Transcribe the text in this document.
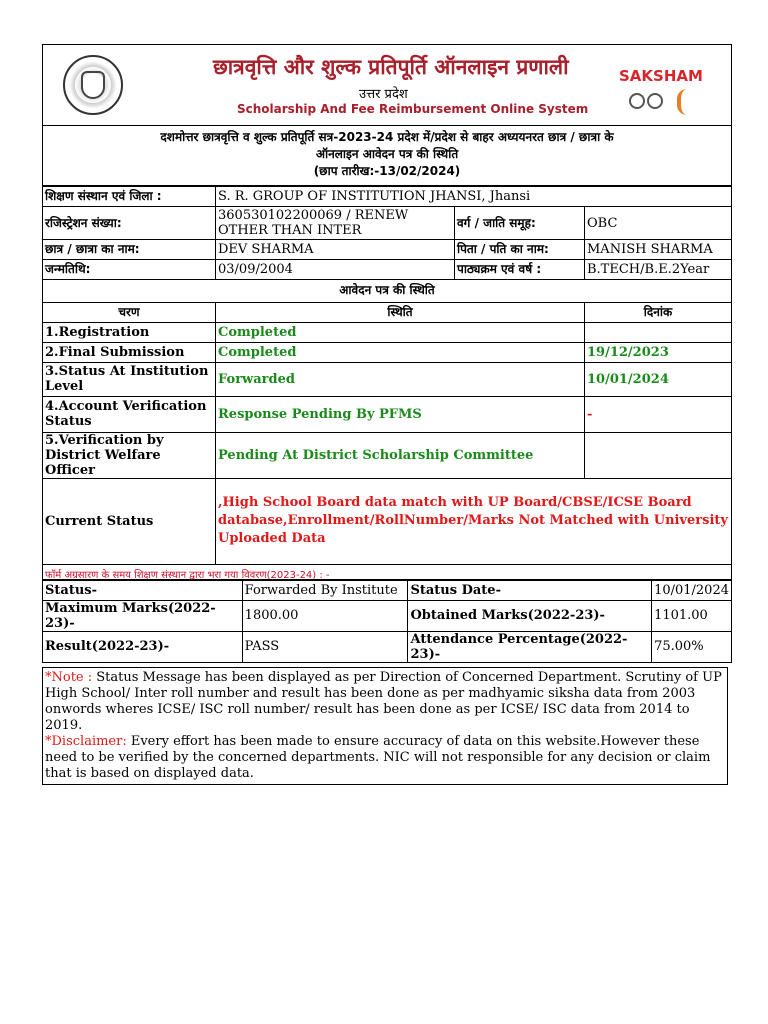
छात्रवृत्ति और शुल्क प्रतिपूर्ति ऑनलाइन प्रणाली
उत्तर प्रदेश
Scholarship And Fee Reimbursement Online System
SAKSHAM
दशमोत्तर छात्रवृत्ति व शुल्क प्रतिपूर्ति सत्र-2023-24 प्रदेश में/प्रदेश से बाहर अध्ययनरत छात्र / छात्रा के
ऑनलाइन आवेदन पत्र की स्थिति
(छाप तारीख:-13/02/2024)
शिक्षण संस्थान एवं जिला :	S. R. GROUP OF INSTITUTION JHANSI, Jhansi		
रजिस्ट्रेशन संख्या:	360530102200069 / RENEW OTHER THAN INTER	वर्ग / जाति समूह:	OBC
छात्र / छात्रा का नाम:	DEV SHARMA	पिता / पति का नाम:	MANISH SHARMA
जन्मतिथि:	03/09/2004	पाठ्यक्रम एवं वर्ष :	B.TECH/B.E.2Year
आवेदन पत्र की स्थिति		
चरण	स्थिति	दिनांक
1.Registration	Completed	
2.Final Submission	Completed	19/12/2023
3.Status At Institution Level	Forwarded	10/01/2024
4.Account Verification Status	Response Pending By PFMS	-
5.Verification by District Welfare Officer	Pending At District Scholarship Committee	
Current Status	,High School Board data match with UP Board/CBSE/ICSE Board database,Enrollment/RollNumber/Marks Not Matched with University Uploaded Data	
फॉर्म अग्रसारण के समय शिक्षण संस्थान द्वारा भरा गया विवरण(2023-24) : -
Status-	Forwarded By Institute	Status Date-	10/01/2024
Maximum Marks(2022-23)-	1800.00	Obtained Marks(2022-23)-	1101.00
Result(2022-23)-	PASS	Attendance Percentage(2022-23)-	75.00%
*Note : Status Message has been displayed as per Direction of Concerned Department. Scrutiny of UP High School/ Inter roll number and result has been done as per madhyamic siksha data from 2003 onwords wheres ICSE/ ISC roll number/ result has been done as per ICSE/ ISC data from 2014 to 2019.
*Disclaimer: Every effort has been made to ensure accuracy of data on this website.However these need to be verified by the concerned departments. NIC will not responsible for any decision or claim that is based on displayed data.
